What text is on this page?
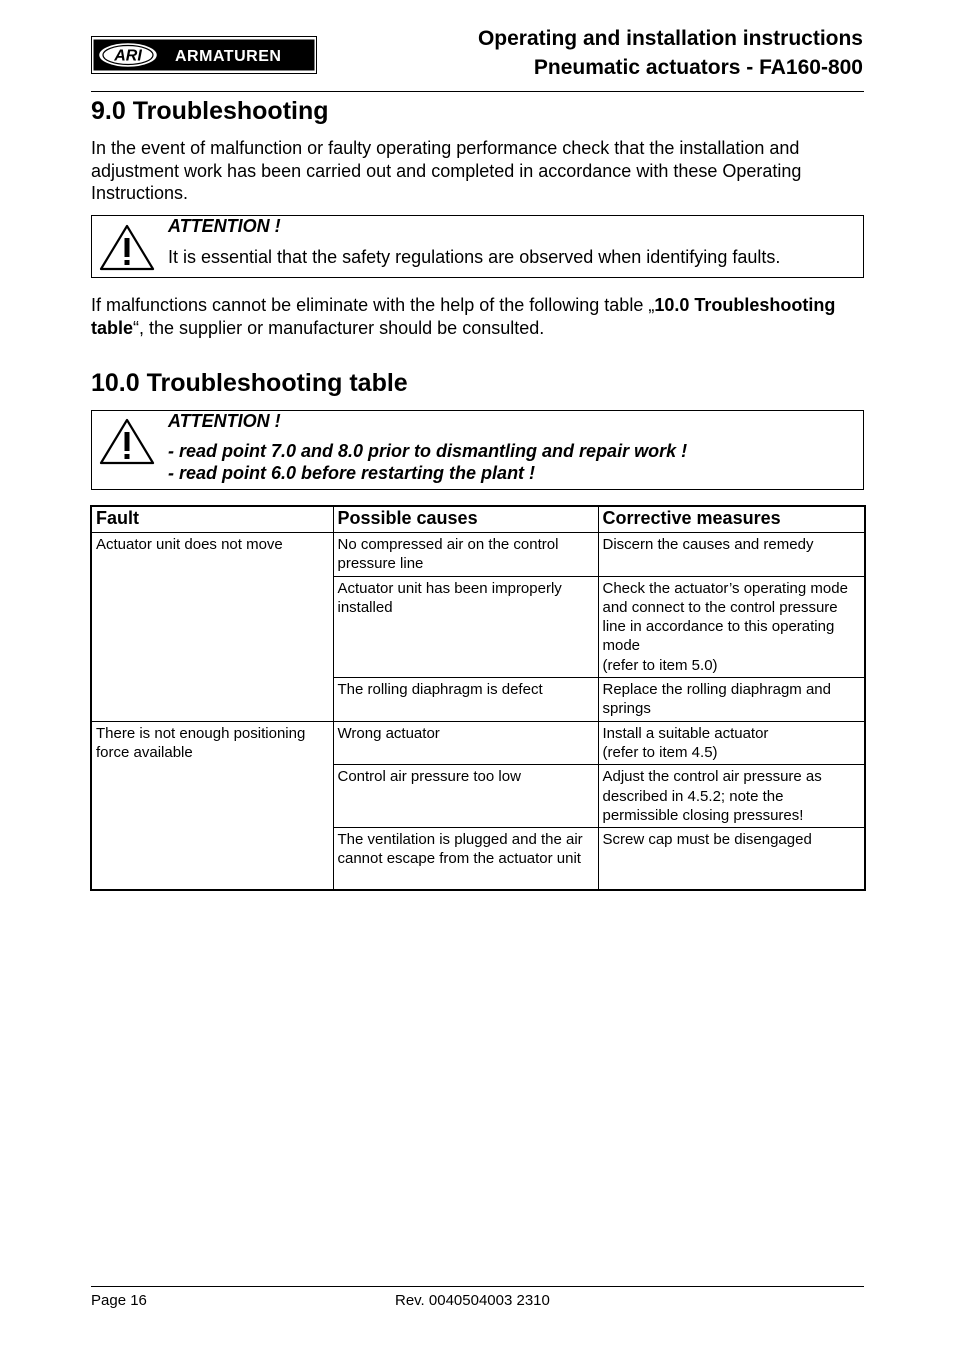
ARI ARMATUREN
Operating and installation instructions
Pneumatic actuators - FA160-800
9.0 Troubleshooting

In the event of malfunction or faulty operating performance check that the installation and adjustment work has been carried out and completed in accordance with these Operating Instructions.

ATTENTION !
It is essential that the safety regulations are observed when identifying faults.

If malfunctions cannot be eliminate with the help of the following table „10.0 Troubleshooting table“, the supplier or manufacturer should be consulted.

10.0 Troubleshooting table
ATTENTION !
- read point 7.0 and 8.0 prior to dismantling and repair work !
- read point 6.0 before restarting the plant !
Fault	Possible causes	Corrective measures
Actuator unit does not move	No compressed air on the control pressure line	Discern the causes and remedy
	Actuator unit has been improperly installed	Check the actuator’s operating mode and connect to the control pressure line in accordance to this operating mode
(refer to item 5.0)
	The rolling diaphragm is defect	Replace the rolling diaphragm and springs
There is not enough positioning force available	Wrong actuator	Install a suitable actuator
(refer to item 4.5)
	Control air pressure too low	Adjust the control air pressure as described in 4.5.2; note the permissible closing pressures!
	The ventilation is plugged and the air cannot escape from the actuator unit	Screw cap must be disengaged
Page 16	Rev. 0040504003 2310
